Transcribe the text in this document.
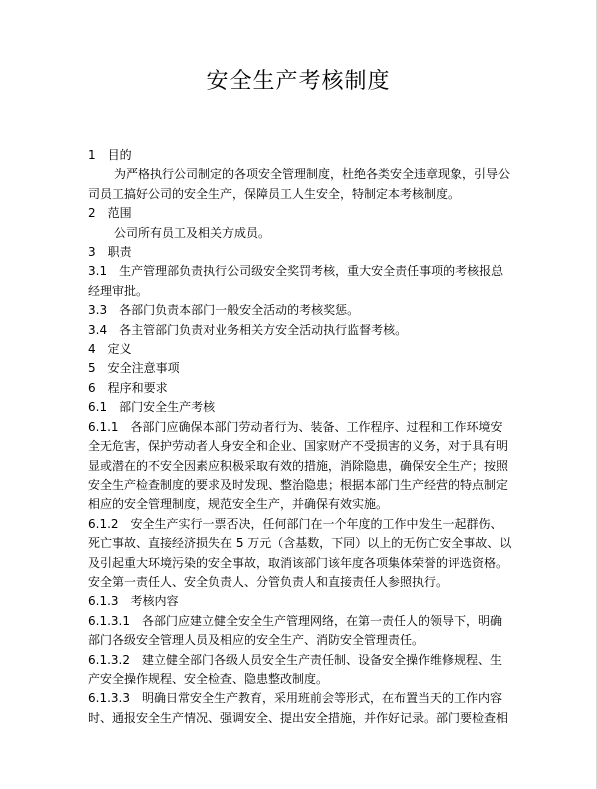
安全生产考核制度

1　目的

为严格执行公司制定的各项安全管理制度，杜绝各类安全违章现象，引导公

司员工搞好公司的安全生产，保障员工人生安全，特制定本考核制度。

2　范围

公司所有员工及相关方成员。

3　职责

3.1　生产管理部负责执行公司级安全奖罚考核，重大安全责任事项的考核报总

经理审批。

3.3　各部门负责本部门一般安全活动的考核奖惩。

3.4　各主管部门负责对业务相关方安全活动执行监督考核。

4　定义

5　安全注意事项

6　程序和要求

6.1　部门安全生产考核

6.1.1　各部门应确保本部门劳动者行为、装备、工作程序、过程和工作环境安

全无危害，保护劳动者人身安全和企业、国家财产不受损害的义务，对于具有明

显或潜在的不安全因素应积极采取有效的措施，消除隐患，确保安全生产；按照

安全生产检查制度的要求及时发现、整治隐患；根据本部门生产经营的特点制定

相应的安全管理制度，规范安全生产，并确保有效实施。

6.1.2　安全生产实行一票否决，任何部门在一个年度的工作中发生一起群伤、

死亡事故、直接经济损失在 5 万元（含基数，下同）以上的无伤亡安全事故、以

及引起重大环境污染的安全事故，取消该部门该年度各项集体荣誉的评选资格。

安全第一责任人、安全负责人、分管负责人和直接责任人参照执行。

6.1.3　考核内容

6.1.3.1　各部门应建立健全安全生产管理网络，在第一责任人的领导下，明确

部门各级安全管理人员及相应的安全生产、消防安全管理责任。

6.1.3.2　建立健全部门各级人员安全生产责任制、设备安全操作维修规程、生

产安全操作规程、安全检查、隐患整改制度。

6.1.3.3　明确日常安全生产教育，采用班前会等形式，在布置当天的工作内容

时、通报安全生产情况、强调安全、提出安全措施，并作好记录。部门要检查相
